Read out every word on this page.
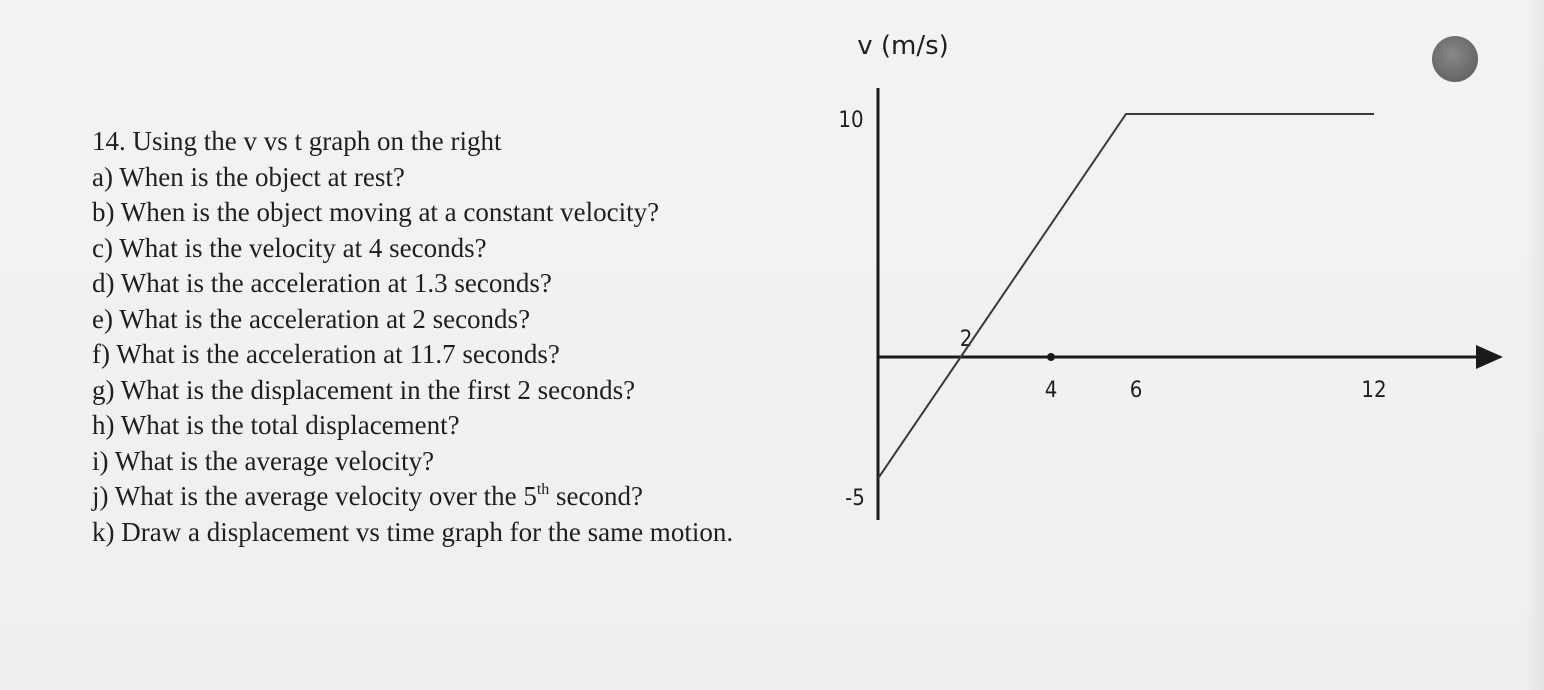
14. Using the v vs t graph on the right
a) When is the object at rest?
b) When is the object moving at a constant velocity?
c) What is the velocity at 4 seconds?
d) What is the acceleration at 1.3 seconds?
e) What is the acceleration at 2 seconds?
f) What is the acceleration at 11.7 seconds?
g) What is the displacement in the first 2 seconds?
h) What is the total displacement?
i) What is the average velocity?
j) What is the average velocity over the 5th second?
k) Draw a displacement vs time graph for the same motion.
v (m/s)
10
-5
2
4	6	12
